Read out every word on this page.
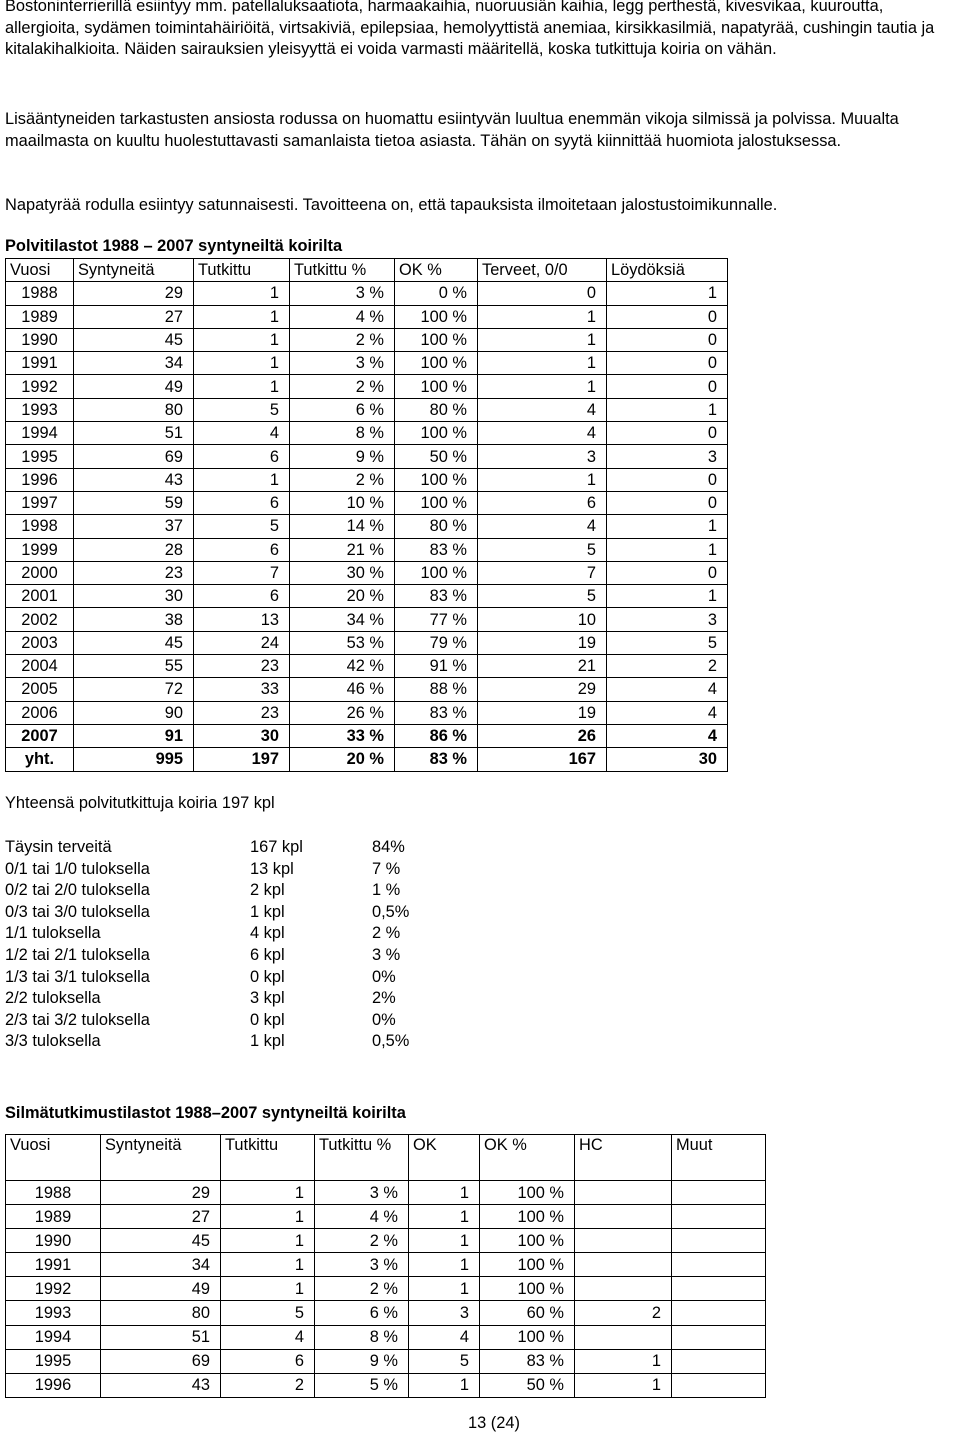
Bostoninterrierillä esiintyy mm. patellaluksaatiota, harmaakaihia, nuoruusiän kaihia, legg perthestä, kivesvikaa, kuuroutta, allergioita, sydämen toimintahäiriöitä, virtsakiviä, epilepsiaa, hemolyyttistä anemiaa, kirsikkasilmiä, napatyrää, cushingin tautia ja kitalakihalkioita. Näiden sairauksien yleisyyttä ei voida varmasti määritellä, koska tutkittuja koiria on vähän.

Lisääntyneiden tarkastusten ansiosta rodussa on huomattu esiintyvän luultua enemmän vikoja silmissä ja polvissa. Muualta maailmasta on kuultu huolestuttavasti samanlaista tietoa asiasta. Tähän on syytä kiinnittää huomiota jalostuksessa.

Napatyrää rodulla esiintyy satunnaisesti. Tavoitteena on, että tapauksista ilmoitetaan jalostustoimikunnalle.

Polvitilastot 1988 – 2007 syntyneiltä koirilta
Vuosi	Syntyneitä	Tutkittu	Tutkittu %	OK %	Terveet, 0/0	Löydöksiä
1988	29	1	3 %	0 %	0	1
1989	27	1	4 %	100 %	1	0
1990	45	1	2 %	100 %	1	0
1991	34	1	3 %	100 %	1	0
1992	49	1	2 %	100 %	1	0
1993	80	5	6 %	80 %	4	1
1994	51	4	8 %	100 %	4	0
1995	69	6	9 %	50 %	3	3
1996	43	1	2 %	100 %	1	0
1997	59	6	10 %	100 %	6	0
1998	37	5	14 %	80 %	4	1
1999	28	6	21 %	83 %	5	1
2000	23	7	30 %	100 %	7	0
2001	30	6	20 %	83 %	5	1
2002	38	13	34 %	77 %	10	3
2003	45	24	53 %	79 %	19	5
2004	55	23	42 %	91 %	21	2
2005	72	33	46 %	88 %	29	4
2006	90	23	26 %	83 %	19	4
2007	91	30	33 %	86 %	26	4
yht.	995	197	20 %	83 %	167	30
Yhteensä polvitutkittuja koiria 197 kpl
Täysin terveitä	167 kpl	84%
0/1 tai 1/0 tuloksella	13 kpl	7 %
0/2 tai 2/0 tuloksella	2 kpl	1 %
0/3 tai 3/0 tuloksella	1 kpl	0,5%
1/1 tuloksella	4 kpl	2 %
1/2 tai 2/1 tuloksella	6 kpl	3 %
1/3 tai 3/1 tuloksella	0 kpl	0%
2/2 tuloksella	3 kpl	2%
2/3 tai 3/2 tuloksella	0 kpl	0%
3/3 tuloksella	1 kpl	0,5%
Silmätutkimustilastot 1988–2007 syntyneiltä koirilta
Vuosi	Syntyneitä	Tutkittu	Tutkittu %	OK	OK %	HC	Muut
1988	29	1	3 %	1	100 %		
1989	27	1	4 %	1	100 %		
1990	45	1	2 %	1	100 %		
1991	34	1	3 %	1	100 %		
1992	49	1	2 %	1	100 %		
1993	80	5	6 %	3	60 %	2	
1994	51	4	8 %	4	100 %		
1995	69	6	9 %	5	83 %	1	
1996	43	2	5 %	1	50 %	1	
13 (24)
